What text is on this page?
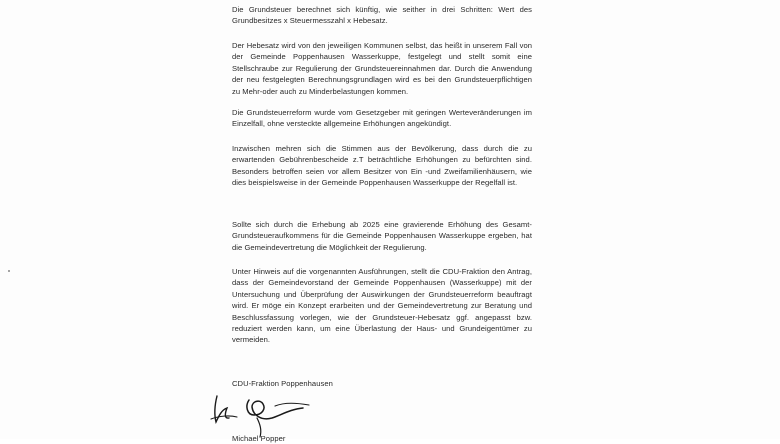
Die Grundsteuer berechnet sich künftig, wie seither in drei Schritten: Wert des Grundbesitzes x Steuermesszahl x Hebesatz.

Der Hebesatz wird von den jeweiligen Kommunen selbst, das heißt in unserem Fall von der Gemeinde Poppenhausen Wasserkuppe, festgelegt und stellt somit eine Stellschraube zur Regulierung der Grundsteuereinnahmen dar. Durch die Anwendung der neu festgelegten Berechnungsgrundlagen wird es bei den Grundsteuerpflichtigen zu Mehr-oder auch zu Minderbelastungen kommen.

Die Grundsteuerreform wurde vom Gesetzgeber mit geringen Werteveränderungen im Einzelfall, ohne versteckte allgemeine Erhöhungen angekündigt.

Inzwischen mehren sich die Stimmen aus der Bevölkerung, dass durch die zu erwartenden Gebührenbescheide z.T beträchtliche Erhöhungen zu befürchten sind. Besonders betroffen seien vor allem Besitzer von Ein -und Zweifamilienhäusern, wie dies beispielsweise in der Gemeinde Poppenhausen Wasserkuppe der Regelfall ist.

Sollte sich durch die Erhebung ab 2025 eine gravierende Erhöhung des Gesamt-Grundsteueraufkommens für die Gemeinde Poppenhausen Wasserkuppe ergeben, hat die Gemeindevertretung die Möglichkeit der Regulierung.

Unter Hinweis auf die vorgenannten Ausführungen, stellt die CDU-Fraktion den Antrag, dass der Gemeindevorstand der Gemeinde Poppenhausen (Wasserkuppe) mit der Untersuchung und Überprüfung der Auswirkungen der Grundsteuerreform beauftragt wird. Er möge ein Konzept erarbeiten und der Gemeindevertretung zur Beratung und Beschlussfassung vorlegen, wie der Grundsteuer-Hebesatz ggf. angepasst bzw. reduziert werden kann, um eine Überlastung der Haus- und Grundeigentümer zu vermeiden.

CDU-Fraktion Poppenhausen

Michael Popper
